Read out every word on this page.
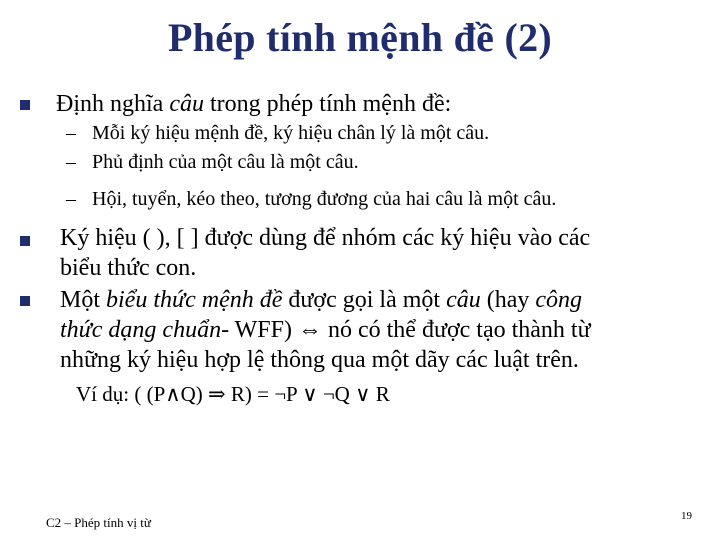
Phép tính mệnh đề (2)
Định nghĩa câu trong phép tính mệnh đề:
– Mỗi ký hiệu mệnh đề, ký hiệu chân lý là một câu.
– Phủ định của một câu là một câu.
– Hội, tuyển, kéo theo, tương đương của hai câu là một câu.
Ký hiệu ( ), [ ] được dùng để nhóm các ký hiệu vào các
biểu thức con.
Một biểu thức mệnh đề được gọi là một câu (hay công
thức dạng chuẩn- WFF) ⇔ nó có thể được tạo thành từ
những ký hiệu hợp lệ thông qua một dãy các luật trên.
Ví dụ: ( (P∧Q) ⇒ R) = ¬P ∨ ¬Q ∨ R
C2 – Phép tính vị từ	19
